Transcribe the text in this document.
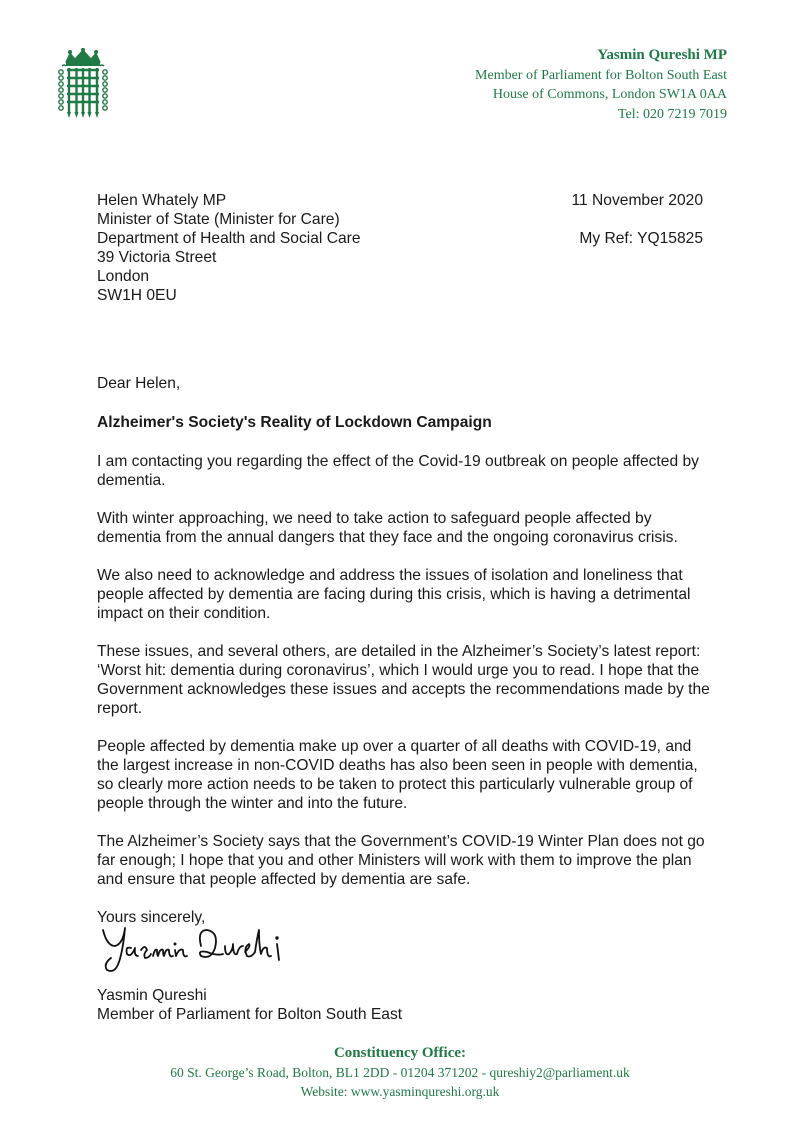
Yasmin Qureshi MP
Member of Parliament for Bolton South East
House of Commons, London SW1A 0AA
Tel: 020 7219 7019
Helen Whately MP
Minister of State (Minister for Care)
Department of Health and Social Care
39 Victoria Street
London
SW1H 0EU
11 November 2020
My Ref: YQ15825

Dear Helen,

Alzheimer's Society's Reality of Lockdown Campaign

I am contacting you regarding the effect of the Covid-19 outbreak on people affected by dementia.

With winter approaching, we need to take action to safeguard people affected by dementia from the annual dangers that they face and the ongoing coronavirus crisis.

We also need to acknowledge and address the issues of isolation and loneliness that people affected by dementia are facing during this crisis, which is having a detrimental impact on their condition.

These issues, and several others, are detailed in the Alzheimer’s Society’s latest report: ‘Worst hit: dementia during coronavirus’, which I would urge you to read. I hope that the Government acknowledges these issues and accepts the recommendations made by the report.

People affected by dementia make up over a quarter of all deaths with COVID-19, and the largest increase in non-COVID deaths has also been seen in people with dementia, so clearly more action needs to be taken to protect this particularly vulnerable group of people through the winter and into the future.

The Alzheimer’s Society says that the Government’s COVID-19 Winter Plan does not go far enough; I hope that you and other Ministers will work with them to improve the plan and ensure that people affected by dementia are safe.

Yours sincerely,

Yasmin Qureshi
Member of Parliament for Bolton South East
Constituency Office:
60 St. George’s Road, Bolton, BL1 2DD - 01204 371202 - qureshiy2@parliament.uk
Website: www.yasminqureshi.org.uk
